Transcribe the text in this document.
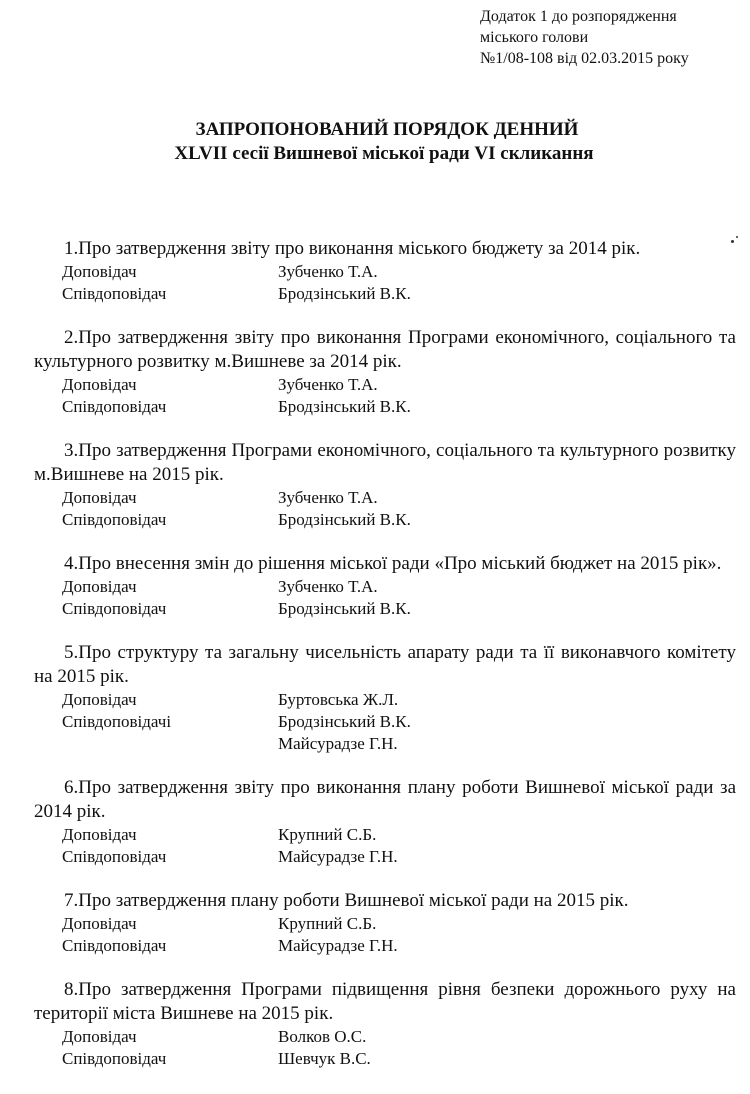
Додаток 1 до розпорядження
міського голови
№1/08-108 від 02.03.2015 року
ЗАПРОПОНОВАНИЙ ПОРЯДОК ДЕННИЙ
XLVII сесії Вишневої міської ради VI скликання

1.Про затвердження звіту про виконання міського бюджету за 2014 рік.

Доповідач	Зубченко Т.А.
Співдоповідач	Бродзінський В.К.

2.Про затвердження звіту про виконання Програми економічного, соціального та культурного розвитку м.Вишневе за 2014 рік.

Доповідач	Зубченко Т.А.
Співдоповідач	Бродзінський В.К.

3.Про затвердження Програми економічного, соціального та культурного розвитку м.Вишневе на 2015 рік.

Доповідач	Зубченко Т.А.
Співдоповідач	Бродзінський В.К.

4.Про внесення змін до рішення міської ради «Про міський бюджет на 2015 рік».

Доповідач	Зубченко Т.А.
Співдоповідач	Бродзінський В.К.

5.Про структуру та загальну чисельність апарату ради та її виконавчого комітету на 2015 рік.

Доповідач	Буртовська Ж.Л.
Співдоповідачі	Бродзінський В.К.
Майсурадзе Г.Н.

6.Про затвердження звіту про виконання плану роботи Вишневої міської ради за 2014 рік.

Доповідач	Крупний С.Б.
Співдоповідач	Майсурадзе Г.Н.

7.Про затвердження плану роботи Вишневої міської ради на 2015 рік.

Доповідач	Крупний С.Б.
Співдоповідач	Майсурадзе Г.Н.

8.Про затвердження Програми підвищення рівня безпеки дорожнього руху на території міста Вишневе на 2015 рік.

Доповідач	Волков О.С.
Співдоповідач	Шевчук В.С.
